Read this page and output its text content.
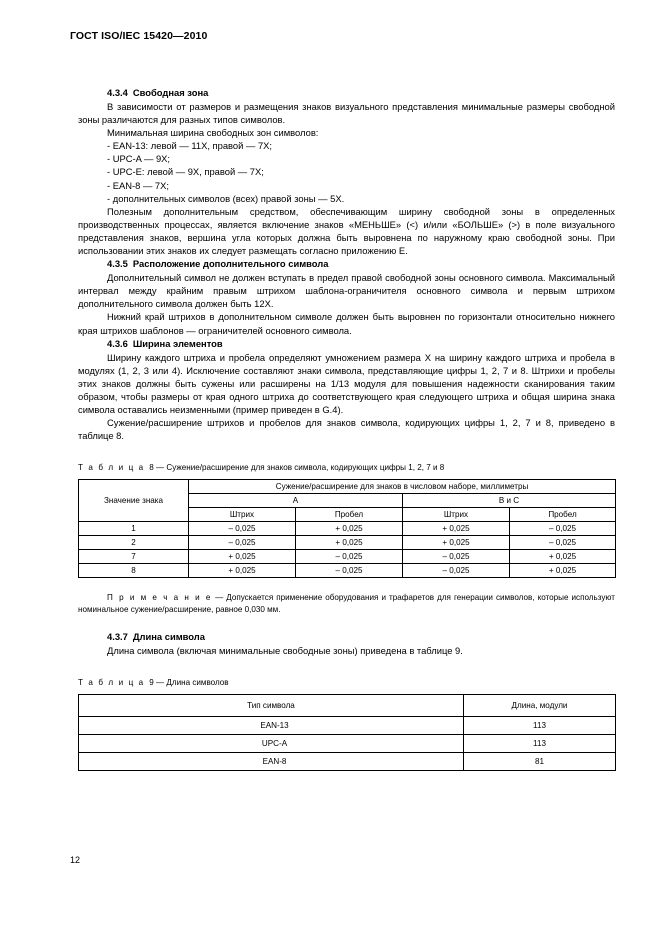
ГОСТ ISO/IEC 15420—2010
4.3.4 Свободная зона

В зависимости от размеров и размещения знаков визуального представления минимальные размеры свободной зоны различаются для разных типов символов.

Минимальная ширина свободных зон символов:

- EAN-13: левой — 11X, правой — 7X;
- UPC-A — 9X;
- UPC-E: левой — 9X, правой — 7X;
- EAN-8 — 7X;
- дополнительных символов (всех) правой зоны — 5X.

Полезным дополнительным средством, обеспечивающим ширину свободной зоны в определенных производственных процессах, является включение знаков «МЕНЬШЕ» (<) и/или «БОЛЬШЕ» (>) в поле визуального представления знаков, вершина угла которых должна быть выровнена по наружному краю свободной зоны. При использовании этих знаков их следует размещать согласно приложению Е.

4.3.5 Расположение дополнительного символа

Дополнительный символ не должен вступать в предел правой свободной зоны основного символа. Максимальный интервал между крайним правым штрихом шаблона-ограничителя основного символа и первым штрихом дополнительного символа должен быть 12X.

Нижний край штрихов в дополнительном символе должен быть выровнен по горизонтали относительно нижнего края штрихов шаблонов — ограничителей основного символа.

4.3.6 Ширина элементов

Ширину каждого штриха и пробела определяют умножением размера X на ширину каждого штриха и пробела в модулях (1, 2, 3 или 4). Исключение составляют знаки символа, представляющие цифры 1, 2, 7 и 8. Штрихи и пробелы этих знаков должны быть сужены или расширены на 1/13 модуля для повышения надежности сканирования таким образом, чтобы размеры от края одного штриха до соответствующего края следующего штриха и общая ширина знака символа оставались неизменными (пример приведен в G.4).

Сужение/расширение штрихов и пробелов для знаков символа, кодирующих цифры 1, 2, 7 и 8, приведено в таблице 8.

Т а б л и ц а 8 — Сужение/расширение для знаков символа, кодирующих цифры 1, 2, 7 и 8

Значение знака	Сужение/расширение для знаков в числовом наборе, миллиметры			
	A		В и С	
	Штрих	Пробел	Штрих	Пробел
1	– 0,025	+ 0,025	+ 0,025	– 0,025
2	– 0,025	+ 0,025	+ 0,025	– 0,025
7	+ 0,025	– 0,025	– 0,025	+ 0,025
8	+ 0,025	– 0,025	– 0,025	+ 0,025

П р и м е ч а н и е — Допускается применение оборудования и трафаретов для генерации символов, которые используют номинальное сужение/расширение, равное 0,030 мм.

4.3.7 Длина символа

Длина символа (включая минимальные свободные зоны) приведена в таблице 9.

Т а б л и ц а 9 — Длина символов

Тип символа	Длина, модули
EAN-13	113
UPC-A	113
EAN-8	81
12
